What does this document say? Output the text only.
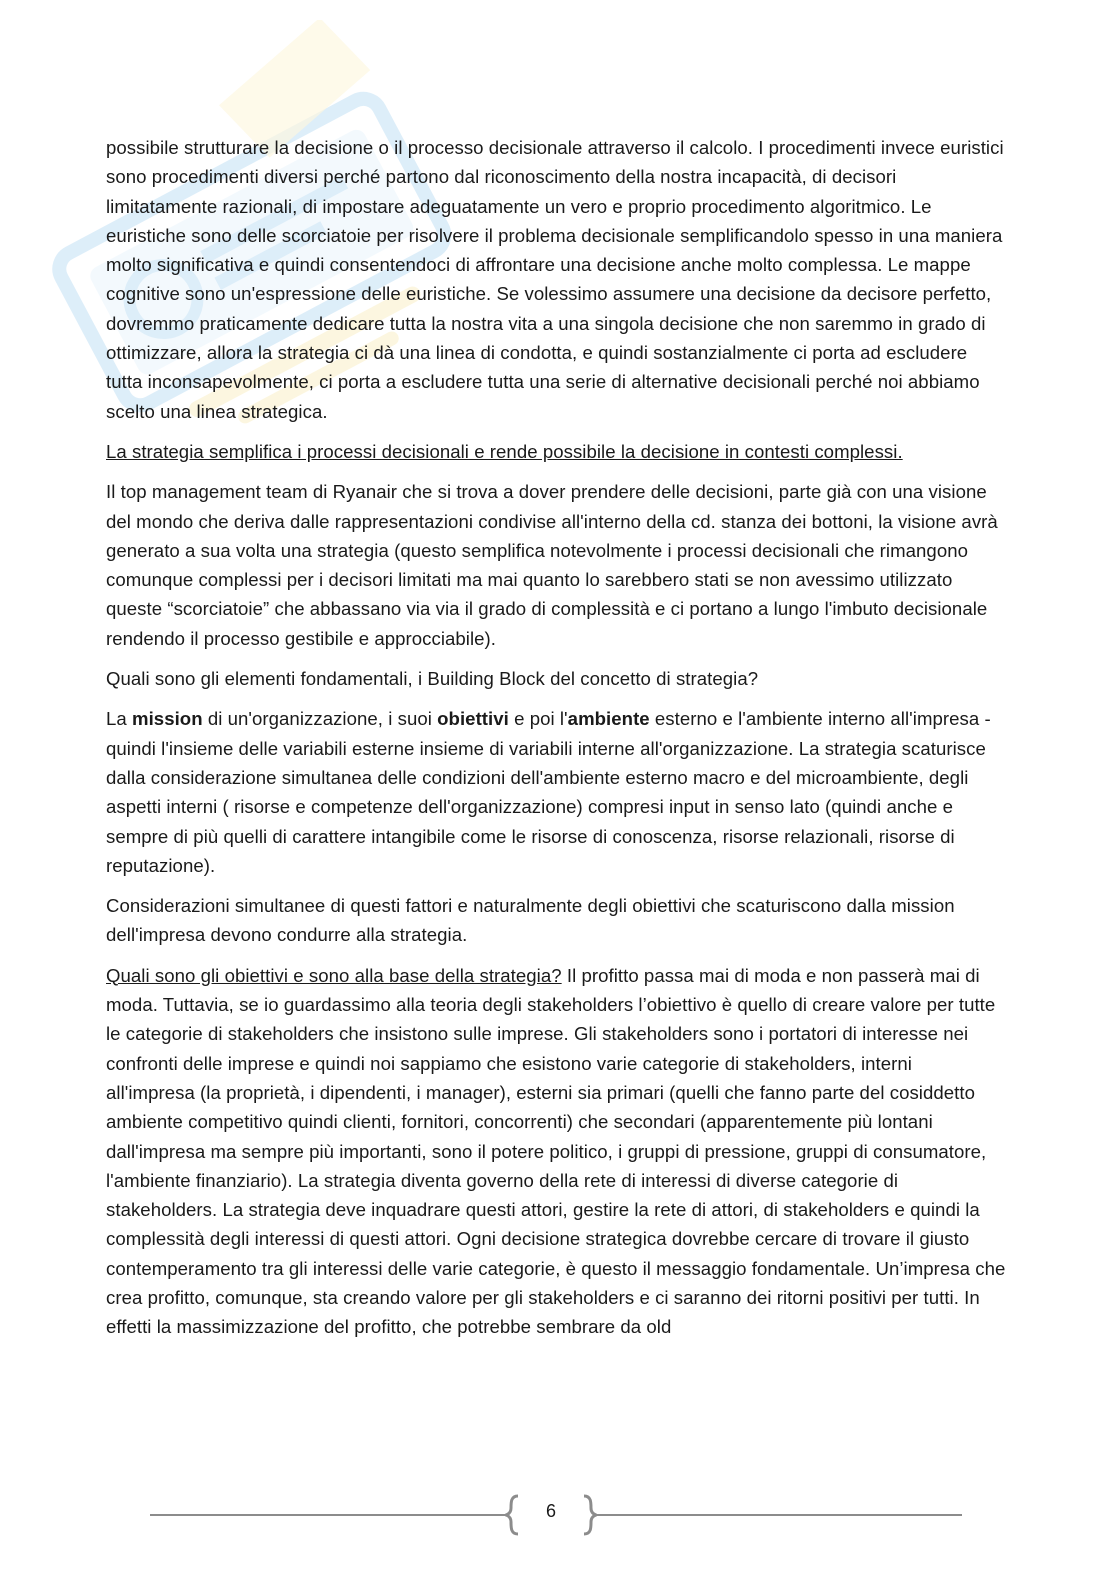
possibile strutturare la decisione o il processo decisionale attraverso il calcolo. I procedimenti invece euristici sono procedimenti diversi perché partono dal riconoscimento della nostra incapacità, di decisori limitatamente razionali, di impostare adeguatamente un vero e proprio procedimento algoritmico. Le euristiche sono delle scorciatoie per risolvere il problema decisionale semplificandolo spesso in una maniera molto significativa e quindi consentendoci di affrontare una decisione anche molto complessa. Le mappe cognitive sono un'espressione delle euristiche. Se volessimo assumere una decisione da decisore perfetto, dovremmo praticamente dedicare tutta la nostra vita a una singola decisione che non saremmo in grado di ottimizzare, allora la strategia ci dà una linea di condotta, e quindi sostanzialmente ci porta ad escludere tutta inconsapevolmente, ci porta a escludere tutta una serie di alternative decisionali perché noi abbiamo scelto una linea strategica.

La strategia semplifica i processi decisionali e rende possibile la decisione in contesti complessi.

Il top management team di Ryanair che si trova a dover prendere delle decisioni, parte già con una visione del mondo che deriva dalle rappresentazioni condivise all'interno della cd. stanza dei bottoni, la visione avrà generato a sua volta una strategia (questo semplifica notevolmente i processi decisionali che rimangono comunque complessi per i decisori limitati ma mai quanto lo sarebbero stati se non avessimo utilizzato queste “scorciatoie” che abbassano via via il grado di complessità e ci portano a lungo l'imbuto decisionale rendendo il processo gestibile e approcciabile).

Quali sono gli elementi fondamentali, i Building Block del concetto di strategia?

La mission di un'organizzazione, i suoi obiettivi e poi l'ambiente esterno e l'ambiente interno all'impresa - quindi l'insieme delle variabili esterne insieme di variabili interne all'organizzazione. La strategia scaturisce dalla considerazione simultanea delle condizioni dell'ambiente esterno macro e del microambiente, degli aspetti interni ( risorse e competenze dell'organizzazione) compresi input in senso lato (quindi anche e sempre di più quelli di carattere intangibile come le risorse di conoscenza, risorse relazionali, risorse di reputazione).

Considerazioni simultanee di questi fattori e naturalmente degli obiettivi che scaturiscono dalla mission dell'impresa devono condurre alla strategia.

Quali sono gli obiettivi e sono alla base della strategia? Il profitto passa mai di moda e non passerà mai di moda. Tuttavia, se io guardassimo alla teoria degli stakeholders l’obiettivo è quello di creare valore per tutte le categorie di stakeholders che insistono sulle imprese. Gli stakeholders sono i portatori di interesse nei confronti delle imprese e quindi noi sappiamo che esistono varie categorie di stakeholders, interni all'impresa (la proprietà, i dipendenti, i manager), esterni sia primari (quelli che fanno parte del cosiddetto ambiente competitivo quindi clienti, fornitori, concorrenti) che secondari (apparentemente più lontani dall'impresa ma sempre più importanti, sono il potere politico, i gruppi di pressione, gruppi di consumatore, l'ambiente finanziario). La strategia diventa governo della rete di interessi di diverse categorie di stakeholders. La strategia deve inquadrare questi attori, gestire la rete di attori, di stakeholders e quindi la complessità degli interessi di questi attori. Ogni decisione strategica dovrebbe cercare di trovare il giusto contemperamento tra gli interessi delle varie categorie, è questo il messaggio fondamentale. Un’impresa che crea profitto, comunque, sta creando valore per gli stakeholders e ci saranno dei ritorni positivi per tutti. In effetti la massimizzazione del profitto, che potrebbe sembrare da old

6
